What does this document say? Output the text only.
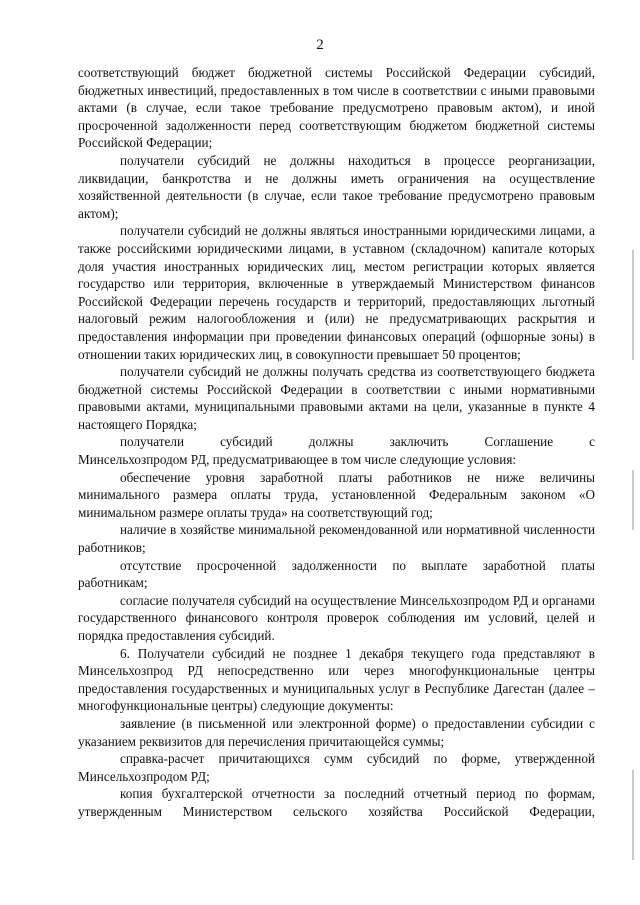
2

соответствующий бюджет бюджетной системы Российской Федерации субсидий, бюджетных инвестиций, предоставленных в том числе в соответствии с иными правовыми актами (в случае, если такое требование предусмотрено правовым актом), и иной просроченной задолженности перед соответствующим бюджетом бюджетной системы Российской Федерации;

получатели субсидий не должны находиться в процессе реорганизации, ликвидации, банкротства и не должны иметь ограничения на осуществление хозяйственной деятельности (в случае, если такое требование предусмотрено правовым актом);

получатели субсидий не должны являться иностранными юридическими лицами, а также российскими юридическими лицами, в уставном (складочном) капитале которых доля участия иностранных юридических лиц, местом регистрации которых является государство или территория, включенные в утверждаемый Министерством финансов Российской Федерации перечень государств и территорий, предоставляющих льготный налоговый режим налогообложения и (или) не предусматривающих раскрытия и предоставления информации при проведении финансовых операций (офшорные зоны) в отношении таких юридических лиц, в совокупности превышает 50 процентов;

получатели субсидий не должны получать средства из соответствующего бюджета бюджетной системы Российской Федерации в соответствии с иными нормативными правовыми актами, муниципальными правовыми актами на цели, указанные в пункте 4 настоящего Порядка;

получатели субсидий должны заключить Соглашение с

Минсельхозпродом РД, предусматривающее в том числе следующие условия:

обеспечение уровня заработной платы работников не ниже величины минимального размера оплаты труда, установленной Федеральным законом «О минимальном размере оплаты труда» на соответствующий год;

наличие в хозяйстве минимальной рекомендованной или нормативной численности работников;

отсутствие просроченной задолженности по выплате заработной платы работникам;

согласие получателя субсидий на осуществление Минсельхозпродом РД и органами государственного финансового контроля проверок соблюдения им условий, целей и порядка предоставления субсидий.

6. Получатели субсидий не позднее 1 декабря текущего года представляют в Минсельхозпрод РД непосредственно или через многофункциональные центры предоставления государственных и муниципальных услуг в Республике Дагестан (далее – многофункциональные центры) следующие документы:

заявление (в письменной или электронной форме) о предоставлении субсидии с указанием реквизитов для перечисления причитающейся суммы;

справка-расчет причитающихся сумм субсидий по форме, утвержденной Минсельхозпродом РД;

копия бухгалтерской отчетности за последний отчетный период по формам, утвержденным Министерством сельского хозяйства Российской Федерации,
